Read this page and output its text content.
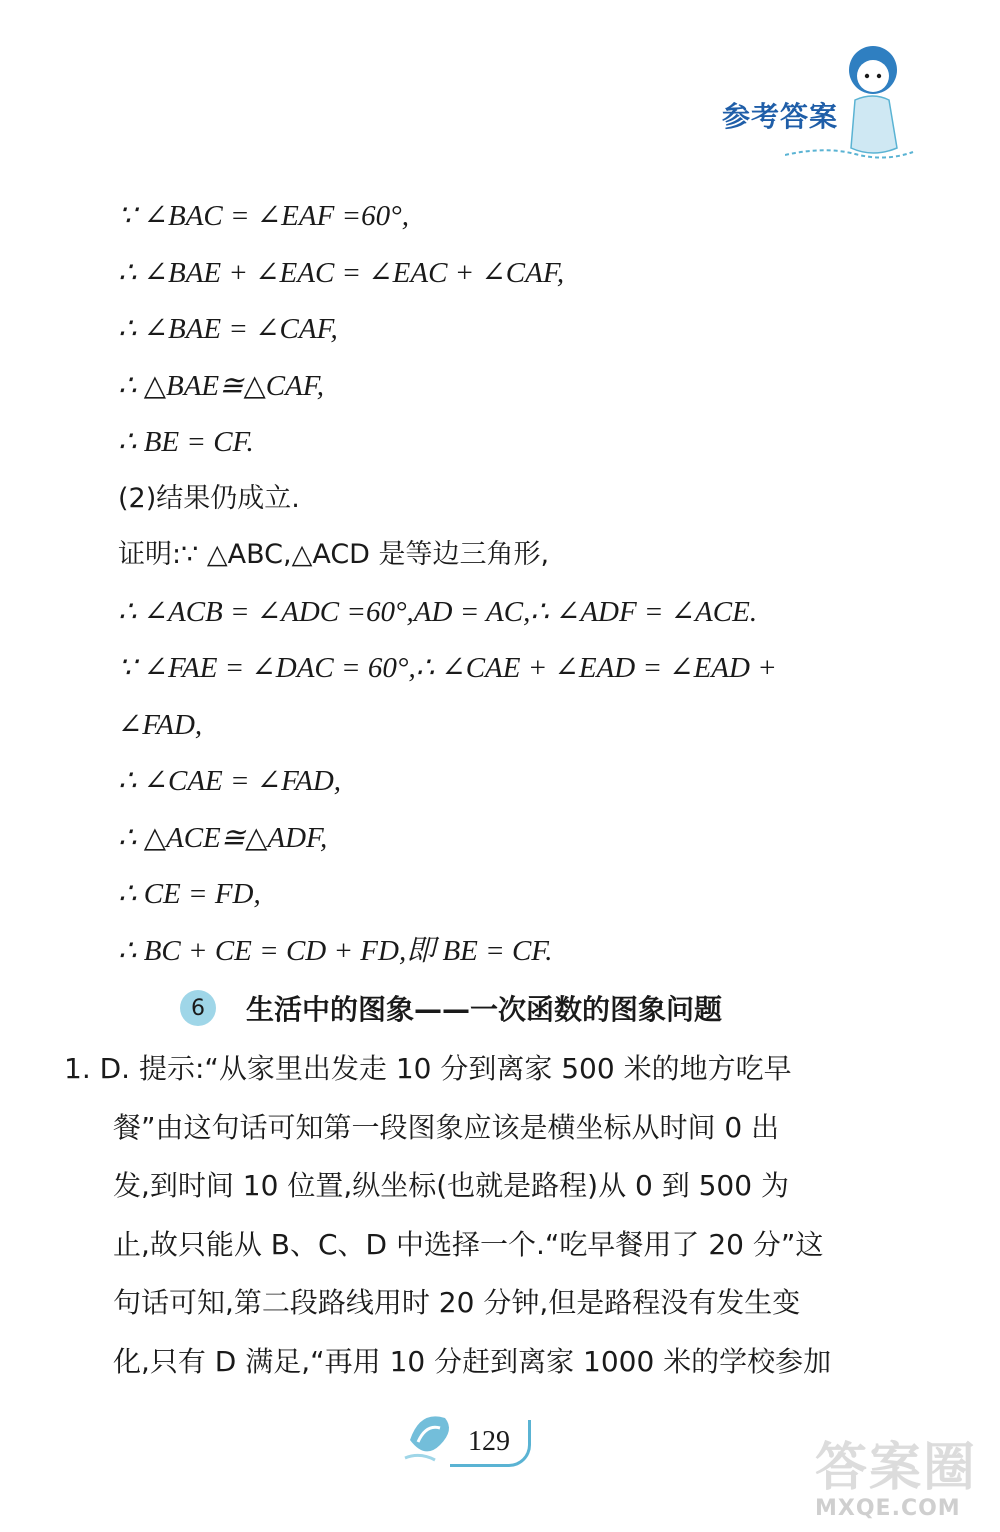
参考答案
∵ ∠BAC = ∠EAF =60°,
∴ ∠BAE + ∠EAC = ∠EAC + ∠CAF,
∴ ∠BAE = ∠CAF,
∴ △BAE≅△CAF,
∴ BE = CF.
(2)结果仍成立.
证明:∵ △ABC,△ACD 是等边三角形,
∴ ∠ACB = ∠ADC =60°,AD = AC,∴ ∠ADF = ∠ACE.
∵ ∠FAE = ∠DAC = 60°,∴ ∠CAE + ∠EAD = ∠EAD +
∠FAD,
∴ ∠CAE = ∠FAD,
∴ △ACE≅△ADF,
∴ CE = FD,
∴ BC + CE = CD + FD,即 BE = CF.
6	生活中的图象——一次函数的图象问题
1. D. 提示:“从家里出发走 10 分到离家 500 米的地方吃早
餐”由这句话可知第一段图象应该是横坐标从时间 0 出
发,到时间 10 位置,纵坐标(也就是路程)从 0 到 500 为
止,故只能从 B、C、D 中选择一个.“吃早餐用了 20 分”这
句话可知,第二段路线用时 20 分钟,但是路程没有发生变
化,只有 D 满足,“再用 10 分赶到离家 1000 米的学校参加
129	答案圈
MXQE.COM
